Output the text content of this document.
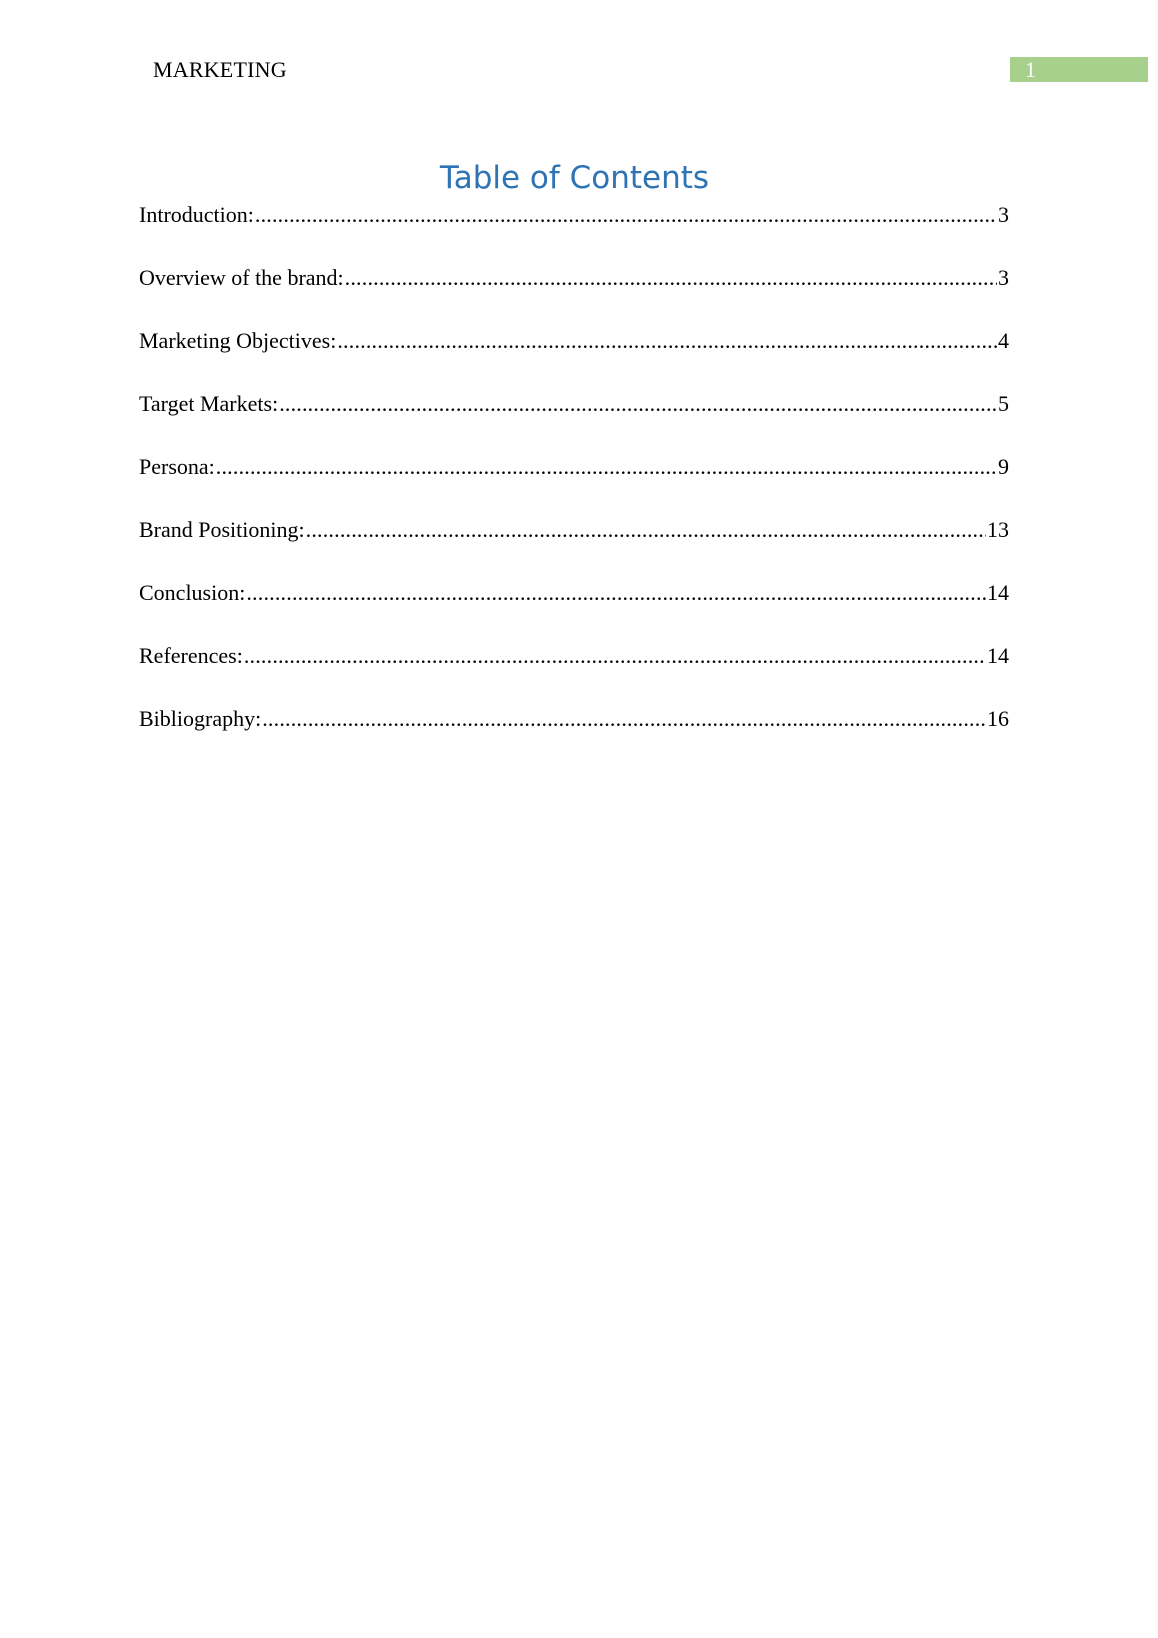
MARKETING	1
Table of Contents
Introduction: .....	3
Overview of the brand: .....	3
Marketing Objectives: .....	4
Target Markets: .....	5
Persona: .....	9
Brand Positioning: .....	13
Conclusion: .....	14
References: .....	14
Bibliography: .....	16
